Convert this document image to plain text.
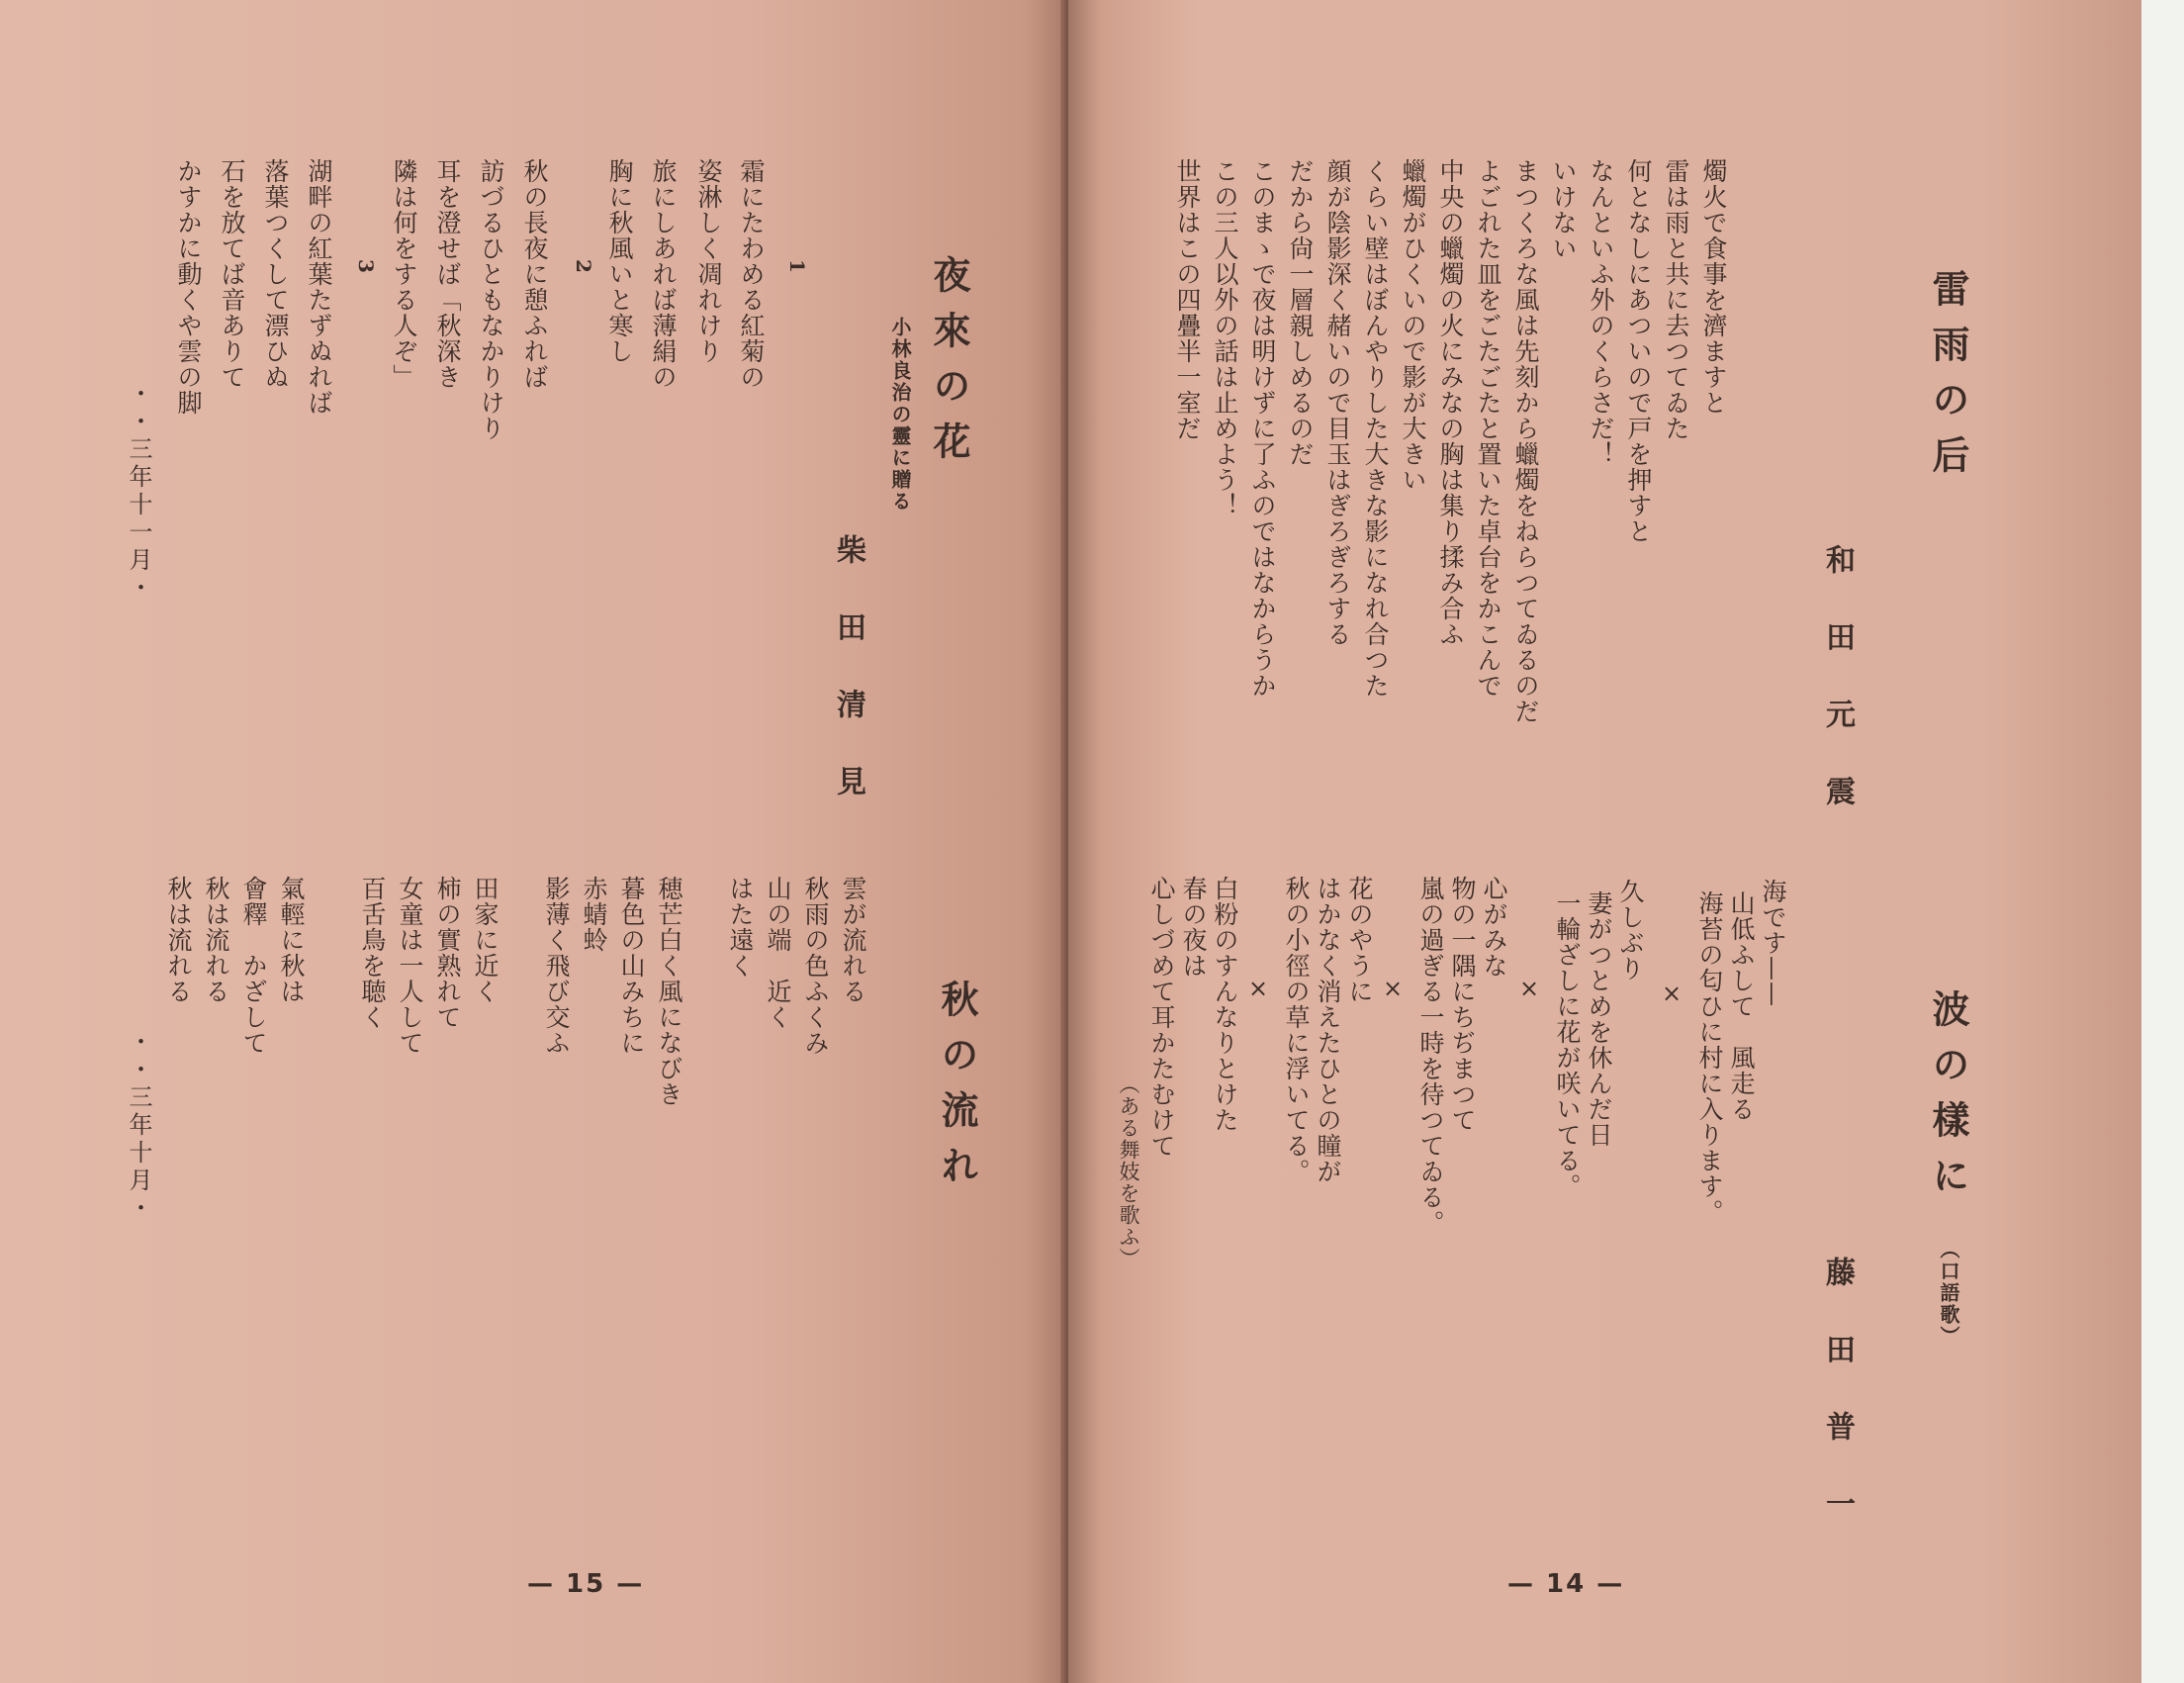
夜來の花
小林良治の靈に贈る
柴田清見
1
霜にたわめる紅菊の
姿淋しく凋れけり
旅にしあれば薄絹の
胸に秋風いと寒し
2
秋の長夜に憩ふれば
訪づるひともなかりけり
耳を澄せば「秋深き
隣は何をする人ぞ」
3
湖畔の紅葉たずぬれば
落葉つくして漂ひぬ
石を放てば音ありて
かすかに動くや雲の脚
・・三年十一月・
秋の流れ
雲が流れる
秋雨の色ふくみ
山の端　近く
はた遠く
穂芒白く風になびき
暮色の山みちに
赤蜻蛉
影薄く飛び交ふ
田家に近く
柿の實熟れて
女童は一人して
百舌鳥を聴く
氣輕に秋は
會釋　かざして
秋は流れる
秋は流れる
・・三年十月・
— 15 —
雷雨の后
和田元震
燭火で食事を濟ますと
雷は雨と共に去つてゐた
何となしにあついので戸を押すと
なんといふ外のくらさだ！
いけない
まつくろな風は先刻から蠟燭をねらつてゐるのだ
よごれた皿をごたごたと置いた卓台をかこんで
中央の蠟燭の火にみなの胸は集り揉み合ふ
蠟燭がひくいので影が大きい
くらい壁はぼんやりした大きな影になれ合つた
顔が陰影深く赭いので目玉はぎろぎろする
だから尙一層親しめるのだ
このまゝで夜は明けずに了ふのではなからうか
この三人以外の話は止めよう！
世界はこの四疊半一室だ
波の樣に
（口語歌）
藤田普一
海です——
山低ふして　風走る
海苔の匂ひに村に入ります。
×
久しぶり
妻がつとめを休んだ日
一輪ざしに花が咲いてる。
×
心がみな
物の一隅にちぢまつて
嵐の過ぎる一時を待つてゐる。
×
花のやうに
はかなく消えたひとの瞳が
秋の小徑の草に浮いてる。
×
白粉のすんなりとけた
春の夜は
心しづめて耳かたむけて
（ある舞妓を歌ふ）
— 14 —
